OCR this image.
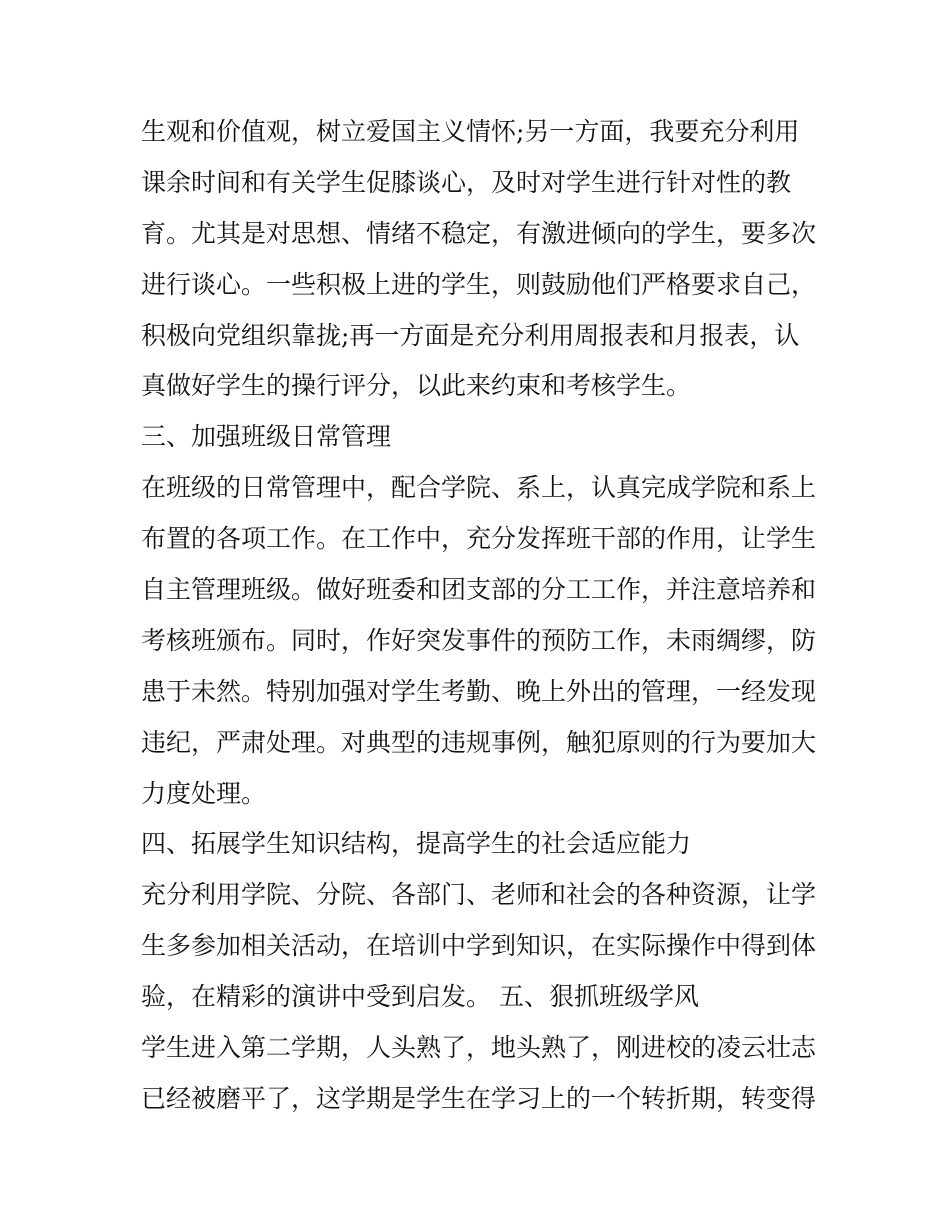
生观和价值观，树立爱国主义情怀;另一方面，我要充分利用
课余时间和有关学生促膝谈心，及时对学生进行针对性的教
育。尤其是对思想、情绪不稳定，有激进倾向的学生，要多次
进行谈心。一些积极上进的学生，则鼓励他们严格要求自己，
积极向党组织靠拢;再一方面是充分利用周报表和月报表，认
真做好学生的操行评分，以此来约束和考核学生。
三、加强班级日常管理
在班级的日常管理中，配合学院、系上，认真完成学院和系上
布置的各项工作。在工作中，充分发挥班干部的作用，让学生
自主管理班级。做好班委和团支部的分工工作，并注意培养和
考核班颁布。同时，作好突发事件的预防工作，未雨绸缪，防
患于未然。特别加强对学生考勤、晚上外出的管理，一经发现
违纪，严肃处理。对典型的违规事例，触犯原则的行为要加大
力度处理。
四、拓展学生知识结构，提高学生的社会适应能力
充分利用学院、分院、各部门、老师和社会的各种资源，让学
生多参加相关活动，在培训中学到知识，在实际操作中得到体
验，在精彩的演讲中受到启发。 五、狠抓班级学风
学生进入第二学期，人头熟了，地头熟了，刚进校的凌云壮志
已经被磨平了，这学期是学生在学习上的一个转折期，转变得
